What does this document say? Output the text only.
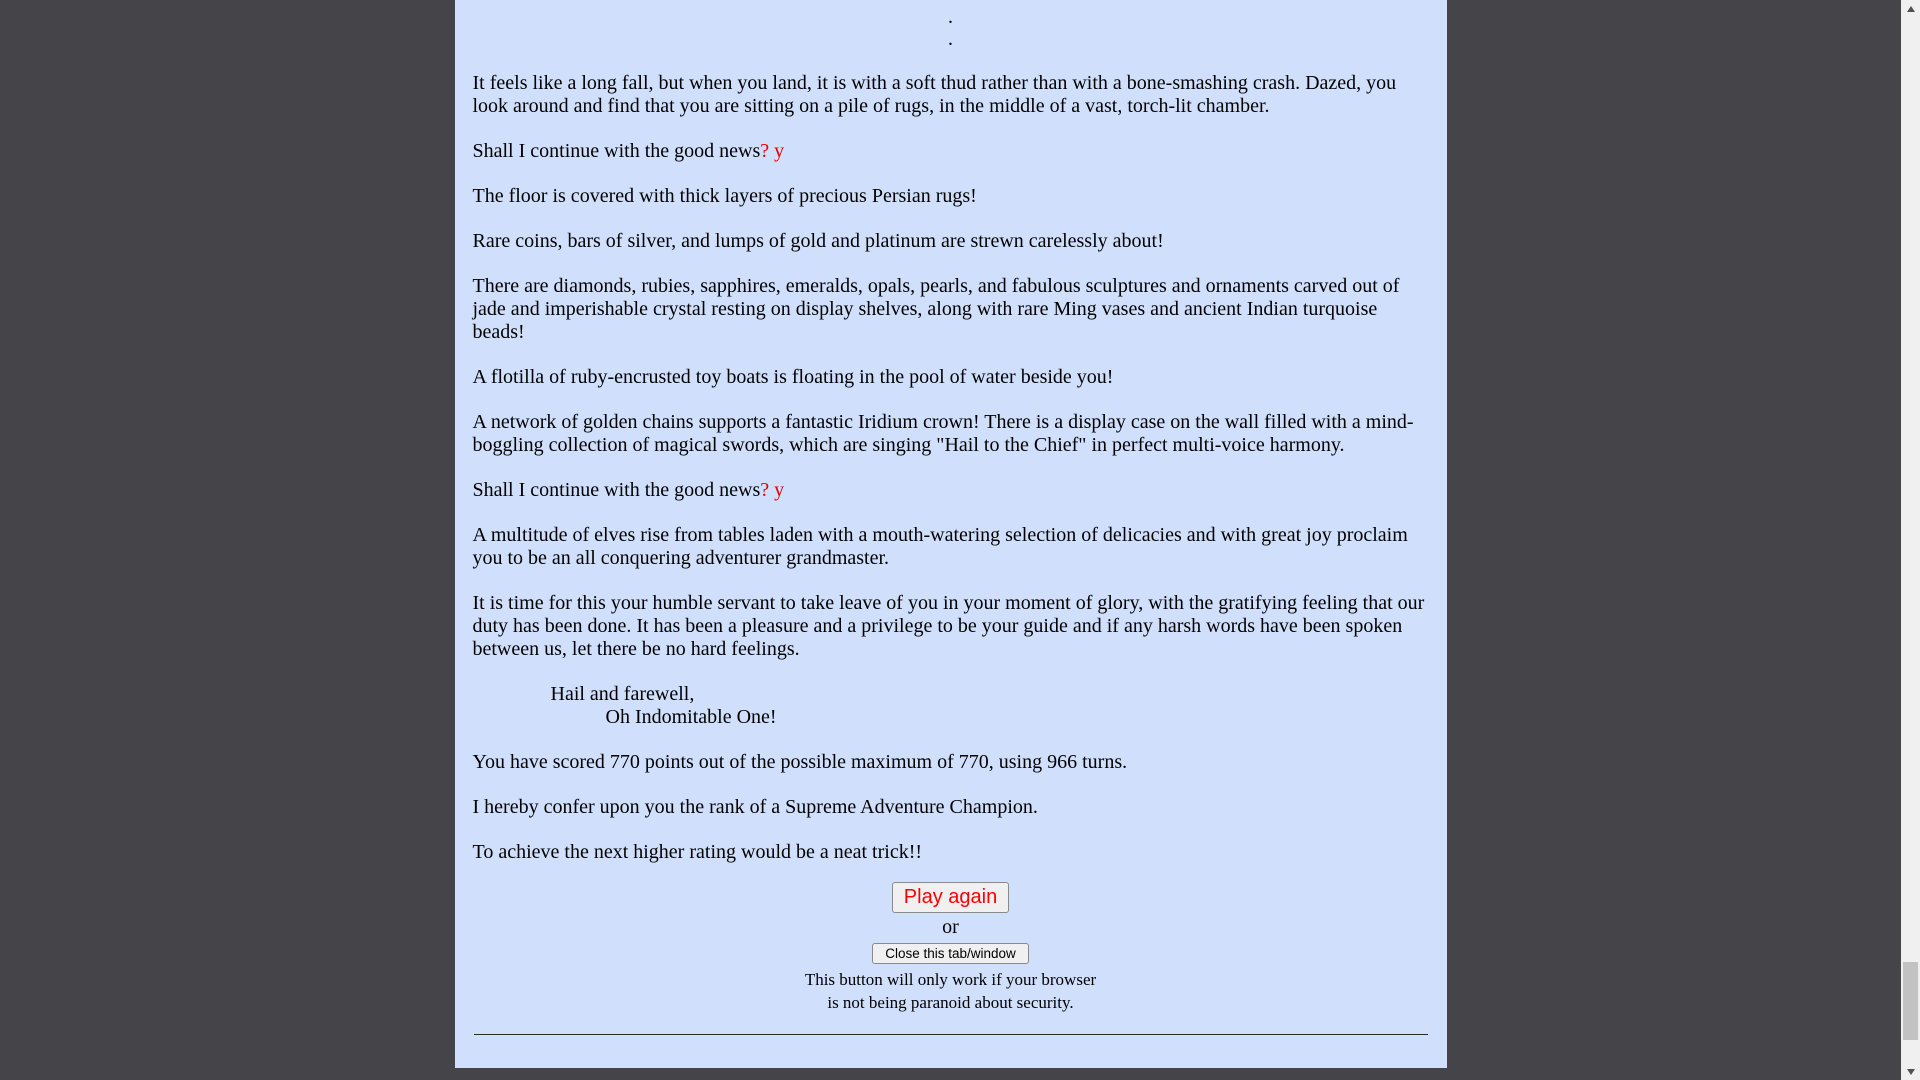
.
.

It feels like a long fall, but when you land, it is with a soft thud rather than with a bone-smashing crash. Dazed, you look around and find that you are sitting on a pile of rugs, in the middle of a vast, torch-lit chamber.

Shall I continue with the good news? y

The floor is covered with thick layers of precious Persian rugs!

Rare coins, bars of silver, and lumps of gold and platinum are strewn carelessly about!

There are diamonds, rubies, sapphires, emeralds, opals, pearls, and fabulous sculptures and ornaments carved out of jade and imperishable crystal resting on display shelves, along with rare Ming vases and ancient Indian turquoise beads!

A flotilla of ruby-encrusted toy boats is floating in the pool of water beside you!

A network of golden chains supports a fantastic Iridium crown! There is a display case on the wall filled with a mind-boggling collection of magical swords, which are singing "Hail to the Chief" in perfect multi-voice harmony.

Shall I continue with the good news? y

A multitude of elves rise from tables laden with a mouth-watering selection of delicacies and with great joy proclaim you to be an all conquering adventurer grandmaster.

It is time for this your humble servant to take leave of you in your moment of glory, with the gratifying feeling that our duty has been done. It has been a pleasure and a privilege to be your guide and if any harsh words have been spoken between us, let there be no hard feelings.

Hail and farewell,
Oh Indomitable One!

You have scored 770 points out of the possible maximum of 770, using 966 turns.

I hereby confer upon you the rank of a Supreme Adventure Champion.

To achieve the next higher rating would be a neat trick!!

Play again
or
Close this tab/window
This button will only work if your browser
is not being paranoid about security.
